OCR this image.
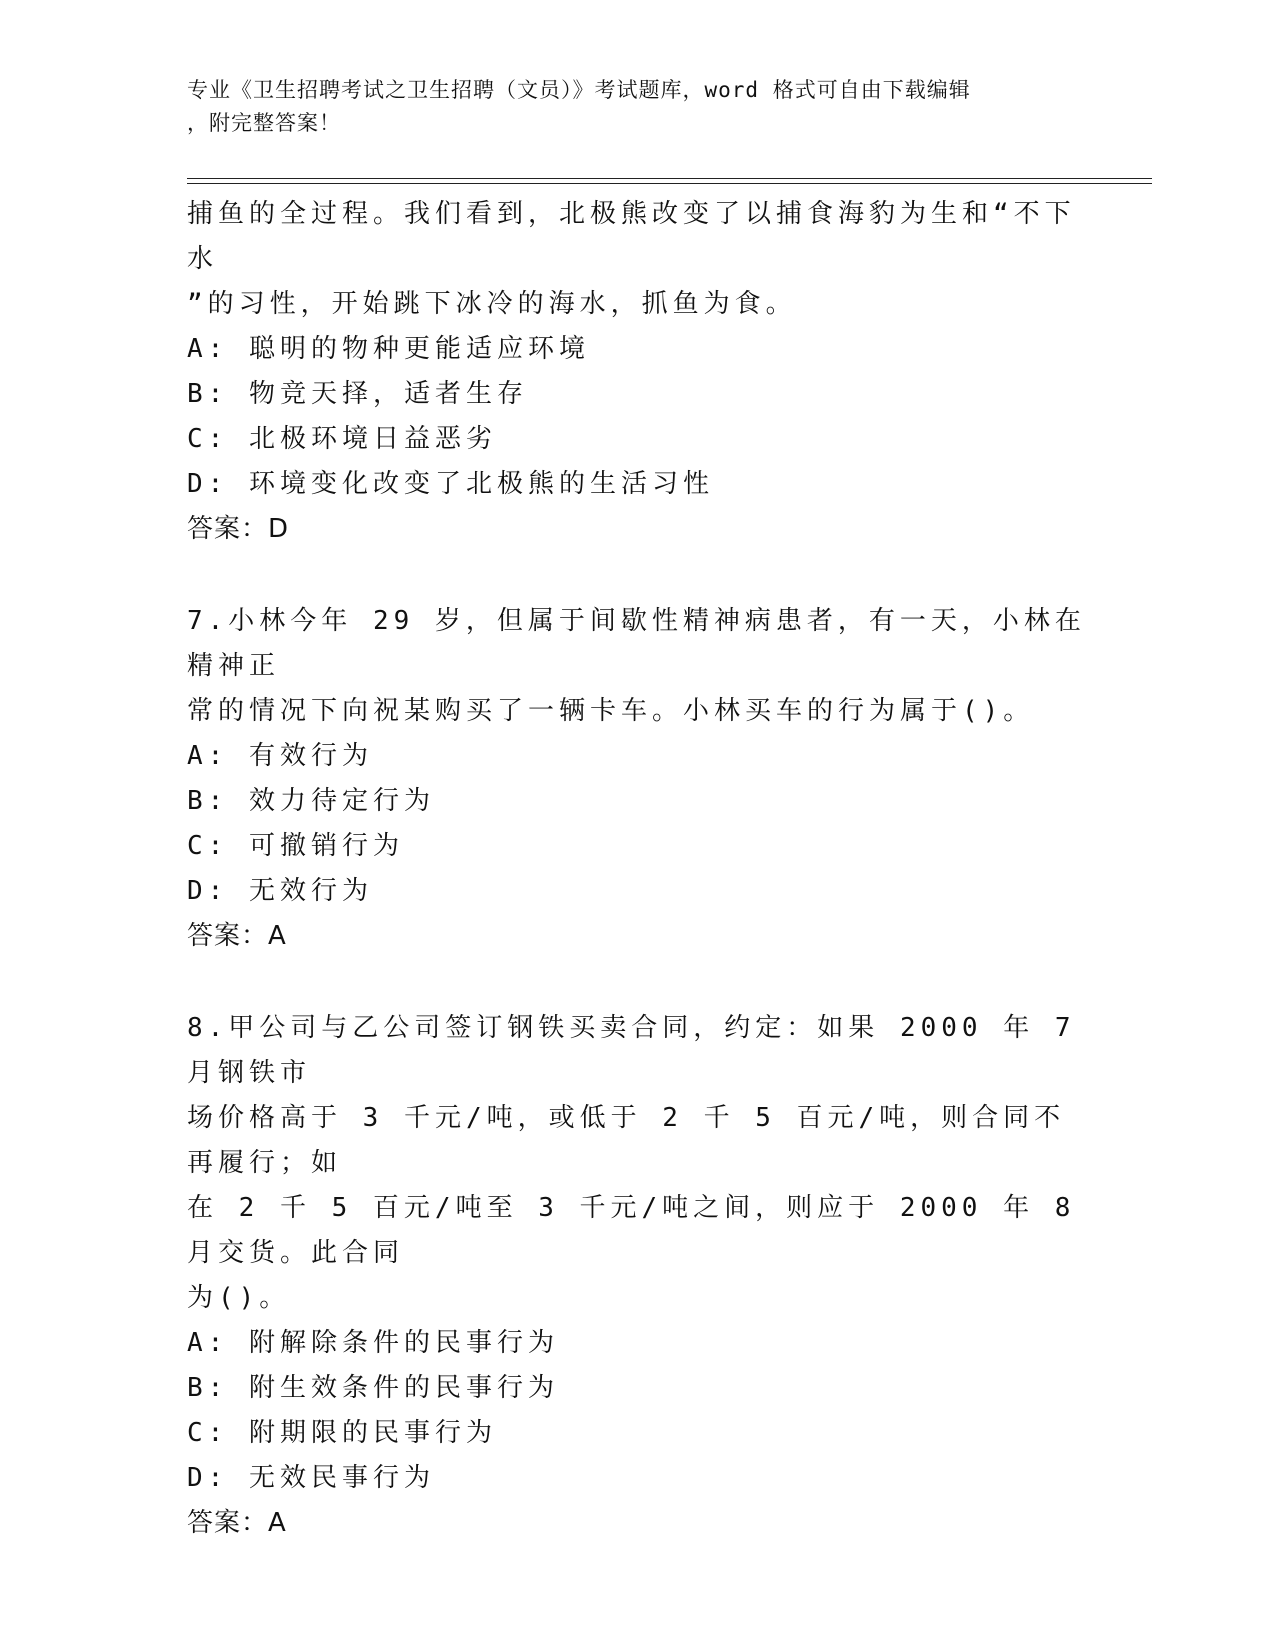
专业《卫生招聘考试之卫生招聘（文员）》考试题库，word 格式可自由下载编辑
，附完整答案！

捕鱼的全过程。我们看到，北极熊改变了以捕食海豹为生和“不下水

”的习性，开始跳下冰冷的海水，抓鱼为食。

A: 聪明的物种更能适应环境

B: 物竞天择，适者生存

C: 北极环境日益恶劣

D: 环境变化改变了北极熊的生活习性

答案：D

7.小林今年 29 岁，但属于间歇性精神病患者，有一天，小林在精神正

常的情况下向祝某购买了一辆卡车。小林买车的行为属于()。

A: 有效行为

B: 效力待定行为

C: 可撤销行为

D: 无效行为

答案：A

8.甲公司与乙公司签订钢铁买卖合同，约定：如果 2000 年 7 月钢铁市

场价格高于 3 千元/吨，或低于 2 千 5 百元/吨，则合同不再履行；如

在 2 千 5 百元/吨至 3 千元/吨之间，则应于 2000 年 8 月交货。此合同

为()。

A: 附解除条件的民事行为

B: 附生效条件的民事行为

C: 附期限的民事行为

D: 无效民事行为

答案：A
